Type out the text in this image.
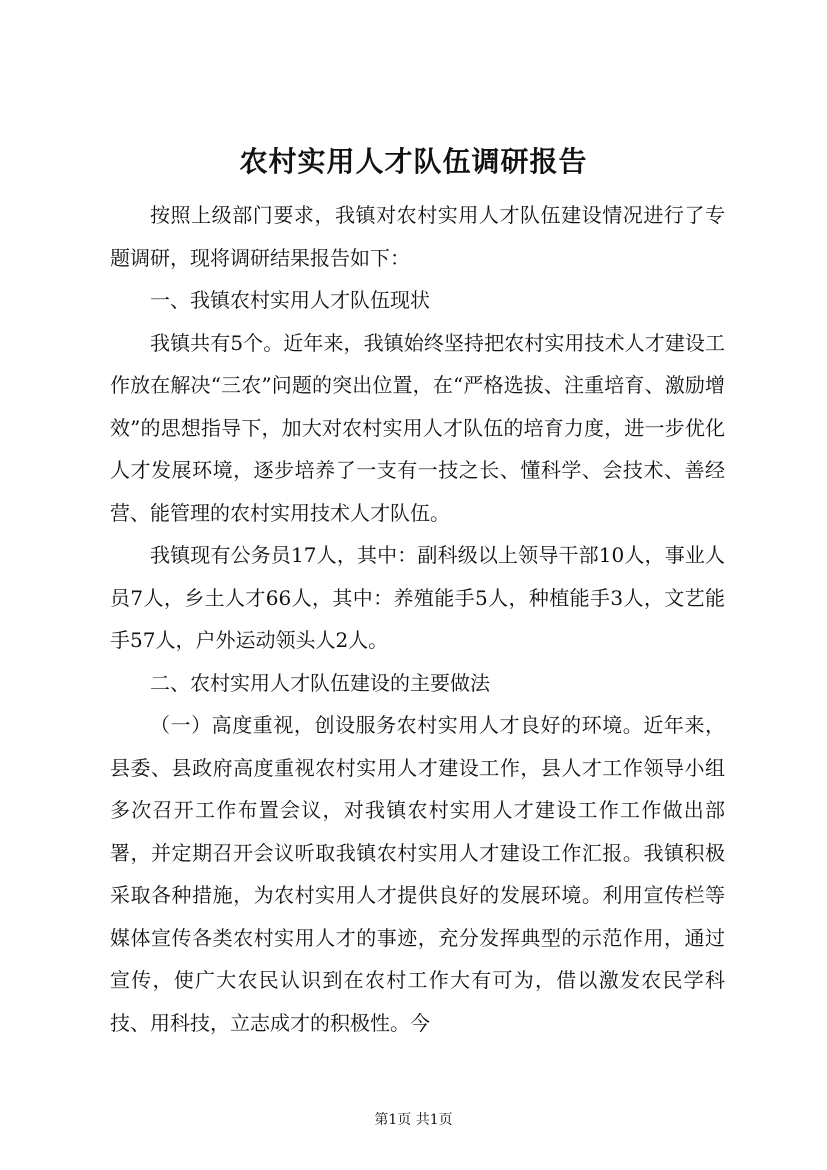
农村实用人才队伍调研报告

按照上级部门要求，我镇对农村实用人才队伍建设情况进行了专题调研，现将调研结果报告如下：

一、我镇农村实用人才队伍现状

我镇共有5个。近年来，我镇始终坚持把农村实用技术人才建设工作放在解决“三农”问题的突出位置，在“严格选拔、注重培育、激励增效”的思想指导下，加大对农村实用人才队伍的培育力度，进一步优化人才发展环境，逐步培养了一支有一技之长、懂科学、会技术、善经营、能管理的农村实用技术人才队伍。

我镇现有公务员17人，其中：副科级以上领导干部10人，事业人员7人，乡土人才66人，其中：养殖能手5人，种植能手3人，文艺能手57人，户外运动领头人2人。

二、农村实用人才队伍建设的主要做法

（一）高度重视，创设服务农村实用人才良好的环境。近年来，县委、县政府高度重视农村实用人才建设工作，县人才工作领导小组多次召开工作布置会议，对我镇农村实用人才建设工作工作做出部署，并定期召开会议听取我镇农村实用人才建设工作汇报。我镇积极采取各种措施，为农村实用人才提供良好的发展环境。利用宣传栏等媒体宣传各类农村实用人才的事迹，充分发挥典型的示范作用，通过宣传，使广大农民认识到在农村工作大有可为，借以激发农民学科技、用科技，立志成才的积极性。今

第1页 共1页
